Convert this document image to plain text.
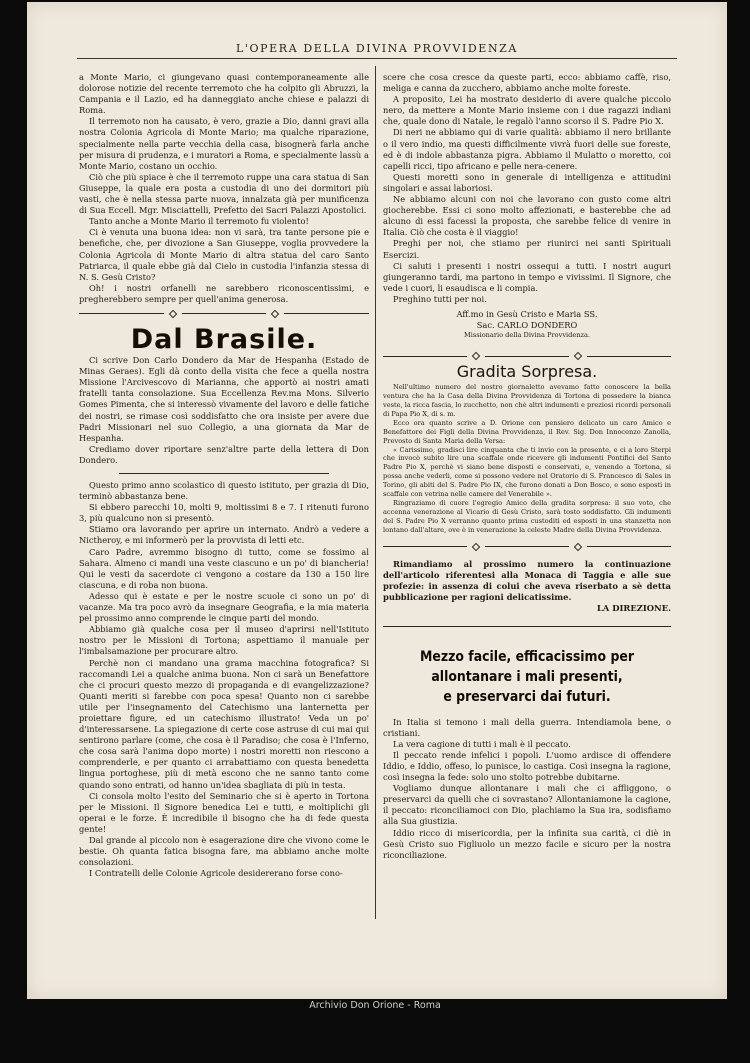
L'OPERA DELLA DIVINA PROVVIDENZA

a Monte Mario, ci giungevano quasi contemporaneamente alle dolorose notizie del recente terremoto che ha colpito gli Abruzzi, la Campania e il Lazio, ed ha danneggiato anche chiese e palazzi di Roma.

Il terremoto non ha causato, è vero, grazie a Dio, danni gravi alla nostra Colonia Agricola di Monte Mario; ma qualche riparazione, specialmente nella parte vecchia della casa, bisognerà farla anche per misura di prudenza, e i muratori a Roma, e specialmente lassù a Monte Mario, costano un occhio.

Ciò che più spiace è che il terremoto ruppe una cara statua di San Giuseppe, la quale era posta a custodia di uno dei dormitori più vasti, che è nella stessa parte nuova, innalzata già per munificenza di Sua Eccell. Mgr. Misciattelli, Prefetto dei Sacri Palazzi Apostolici.

Tanto anche a Monte Mario il terremoto fu violento!

Ci è venuta una buona idea: non vi sarà, tra tante persone pie e benefiche, che, per divozione a San Giuseppe, voglia provvedere la Colonia Agricola di Monte Mario di altra statua del caro Santo Patriarca, il quale ebbe già dal Cielo in custodia l'infanzia stessa di N. S. Gesù Cristo?

Oh! i nostri orfanelli ne sarebbero riconoscentissimi, e pregherebbero sempre per quell'anima generosa.

Dal Brasile.

Ci scrive Don Carlo Dondero da Mar de Hespanha (Estado de Minas Geraes). Egli dà conto della visita che fece a quella nostra Missione l'Arcivescovo di Marianna, che apportò ai nostri amati fratelli tanta consolazione. Sua Eccellenza Rev.ma Mons. Silverio Gomes Pimenta, che si interessò vivamente del lavoro e delle fatiche dei nostri, se rimase così soddisfatto che ora insiste per avere due Padri Missionari nel suo Collegio, a una giornata da Mar de Hespanha.

Crediamo dover riportare senz'altre parte della lettera di Don Dondero.

Questo primo anno scolastico di questo istituto, per grazia di Dio, terminò abbastanza bene.

Si ebbero parecchi 10, molti 9, moltissimi 8 e 7. I ritenuti furono 3, più qualcuno non si presentò.

Stiamo ora lavorando per aprire un internato. Andrò a vedere a Nictheroy, e mi informerò per la provvista di letti etc.

Caro Padre, avremmo bisogno di tutto, come se fossimo al Sahara. Almeno ci mandi una veste ciascuno e un po' di biancheria! Qui le vesti da sacerdote ci vengono a costare da 130 a 150 lire ciascuna, e di roba non buona.

Adesso qui è estate e per le nostre scuole ci sono un po' di vacanze. Ma tra poco avrò da insegnare Geografia, e la mia materia pel prossimo anno comprende le cinque parti del mondo.

Abbiamo già qualche cosa per il museo d'aprirsi nell'Istituto nostro per le Missioni di Tortona; aspettiamo il manuale per l'imbalsamazione per procurare altro.

Perchè non ci mandano una grama macchina fotografica? Si raccomandi Lei a qualche anima buona. Non ci sarà un Benefattore che ci procuri questo mezzo di propaganda e di evangelizzazione? Quanti meriti si farebbe con poca spesa! Quanto non ci sarebbe utile per l'insegnamento del Catechismo una lanternetta per proiettare figure, ed un catechismo illustrato! Veda un po' d'interessarsene. La spiegazione di certe cose astruse di cui mai qui sentirono parlare (come, che cosa è il Paradiso; che cosa è l'Inferno, che cosa sarà l'anima dopo morte) i nostri moretti non riescono a comprenderle, e per quanto ci arrabattiamo con questa benedetta lingua portoghese, più di metà escono che ne sanno tanto come quando sono entrati, od hanno un'idea sbagliata di più in testa.

Ci consola molto l'esito del Seminario che si è aperto in Tortona per le Missioni. Il Signore benedica Lei e tutti, e moltiplichi gli operai e le forze. È incredibile il bisogno che ha di fede questa gente!

Dal grande al piccolo non è esagerazione dire che vivono come le bestie. Oh quanta fatica bisogna fare, ma abbiamo anche molte consolazioni.

I Contratelli delle Colonie Agricole desidererano forse cono-

scere che cosa cresce da queste parti, ecco: abbiamo caffè, riso, meliga e canna da zucchero, abbiamo anche molte foreste.

A proposito, Lei ha mostrato desiderio di avere qualche piccolo nero, da mettere a Monte Mario insieme con i due ragazzi indiani che, quale dono di Natale, le regalò l'anno scorso il S. Padre Pio X.

Di neri ne abbiamo qui di varie qualità: abbiamo il nero brillante o il vero indio, ma questi difficilmente vivrà fuori delle sue foreste, ed è di indole abbastanza pigra. Abbiamo il Mulatto o moretto, coi capelli ricci, tipo africano e pelle nera-cenere.

Questi moretti sono in generale di intelligenza e attitudini singolari e assai laboriosi.

Ne abbiamo alcuni con noi che lavorano con gusto come altri giocherebbe. Essi ci sono molto affezionati, e basterebbe che ad alcuno di essi facessi la proposta, che sarebbe felice di venire in Italia. Ciò che costa è il viaggio!

Preghi per noi, che stiamo per riunirci nei santi Spirituali Esercizi.

Ci saluti i presenti i nostri ossequi a tutti. I nostri auguri giungeranno tardi, ma partono in tempo e vivissimi. Il Signore, che vede i cuori, li esaudisca e li compia.

Preghino tutti per noi.

Aff.mo in Gesù Cristo e Maria SS.

Sac. CARLO DONDERO

Missionario della Divina Provvidenza.

Gradita Sorpresa.

Nell'ultimo numero del nostro giornaletto avevamo fatto conoscere la bella ventura che ha la Casa della Divina Provvidenza di Tortona di possedere la bianca veste, la ricca fascia, lo zucchetto, non chè altri indumenti e preziosi ricordi personali di Papa Pio X, di s. m.

Ecco ora quanto scrive a D. Orione con pensiero delicato un caro Amico e Benefattore dei Figli della Divina Provvidenza, il Rev. Sig. Don Innocenzo Zanolla, Prevosto di Santa Maria della Versa:

« Carissimo, gradisci lire cinquanta che ti invio con la presente, e ci a loro Sterpi che invocò subito lire una scaffale onde ricevere gli indumenti Pontifici del Santo Padre Pio X, perchè vi siano bene disposti e conservati, e, venendo a Tortona, si possa anche vederli, come si possono vedere nel Oratorio di S. Francesco di Sales in Torino, gli abiti del S. Padre Pio IX, che furono donati a Don Bosco, e sono esposti in scaffale con vetrina nelle camere del Venerabile ».

Ringraziamo di cuore l'egregio Amico della gradita sorpresa: il suo voto, che accenna venerazione al Vicario di Gesù Cristo, sarà tosto soddisfatto. Gli indumenti del S. Padre Pio X verranno quanto prima custoditi ed esposti in una stanzetta non lontano dall'altare, ove è in venerazione la celeste Madre della Divina Provvidenza.

Rimandiamo al prossimo numero la continuazione dell'articolo riferentesi alla Monaca di Taggia e alle sue profezie: in assenza di colui che aveva riserbato a sè detta pubblicazione per ragioni delicatissime.

LA DIREZIONE.

Mezzo facile, efficacissimo per allontanare i mali presenti,
e preservarci dai futuri.

In Italia si temono i mali della guerra. Intendiamola bene, o cristiani.

La vera cagione di tutti i mali è il peccato.

Il peccato rende infelici i popoli. L'uomo ardisce di offendere Iddio, e Iddio, offeso, lo punisce, lo castiga. Così insegna la ragione, così insegna la fede: solo uno stolto potrebbe dubitarne.

Vogliamo dunque allontanare i mali che ci affliggono, o preservarci da quelli che ci sovrastano? Allontaniamone la cagione, il peccato: riconciliamoci con Dio, plachiamo la Sua ira, sodisfiamo alla Sua giustizia.

Iddio ricco di misericordia, per la infinita sua carità, ci diè in Gesù Cristo suo Figliuolo un mezzo facile e sicuro per la nostra riconciliazione.

Archivio Don Orione - Roma
